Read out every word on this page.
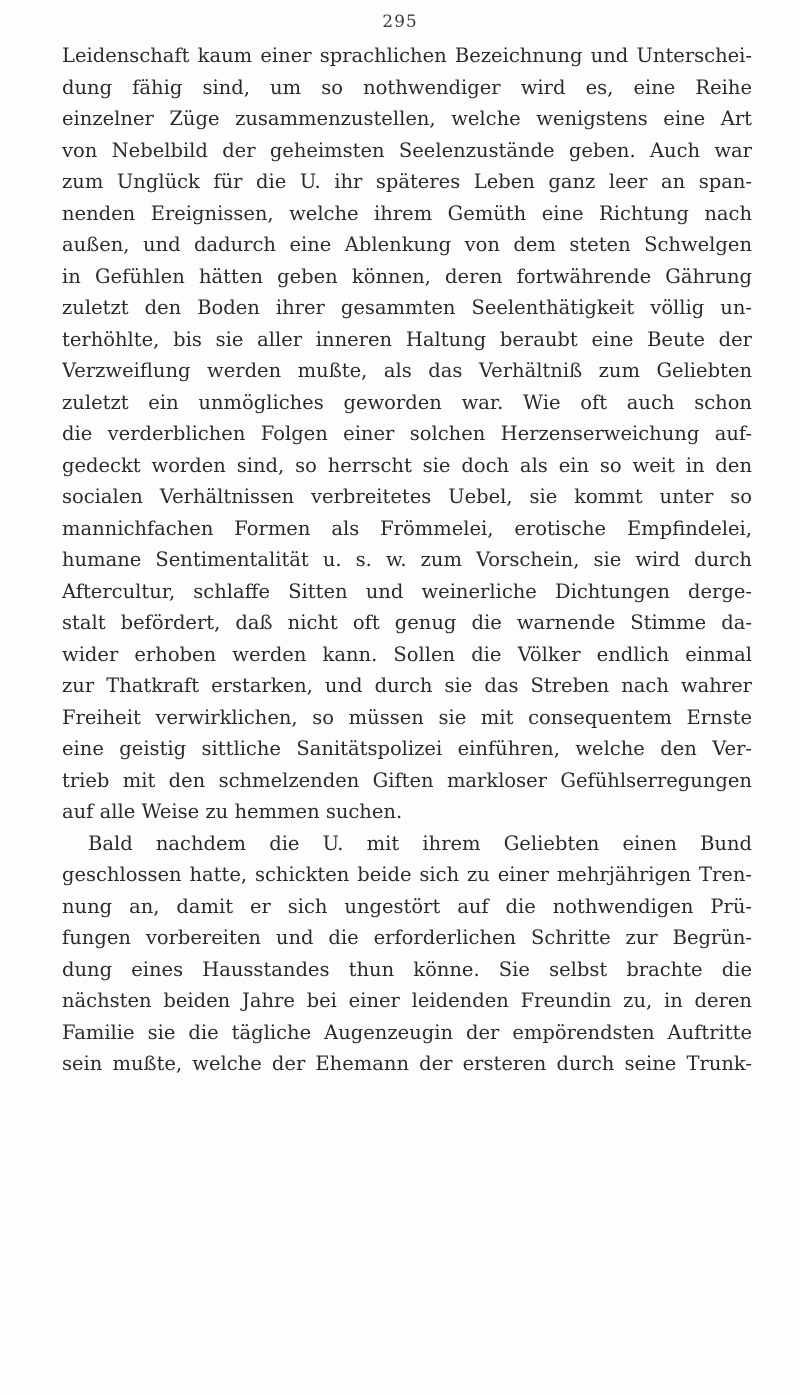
295
Leidenschaft kaum einer sprachlichen Bezeichnung und Unterschei-
dung fähig sind, um so nothwendiger wird es, eine Reihe
einzelner Züge zusammenzustellen, welche wenigstens eine Art
von Nebelbild der geheimsten Seelenzustände geben. Auch war
zum Unglück für die U. ihr späteres Leben ganz leer an span-
nenden Ereignissen, welche ihrem Gemüth eine Richtung nach
außen, und dadurch eine Ablenkung von dem steten Schwelgen
in Gefühlen hätten geben können, deren fortwährende Gährung
zuletzt den Boden ihrer gesammten Seelenthätigkeit völlig un-
terhöhlte, bis sie aller inneren Haltung beraubt eine Beute der
Verzweiflung werden mußte, als das Verhältniß zum Geliebten
zuletzt ein unmögliches geworden war. Wie oft auch schon
die verderblichen Folgen einer solchen Herzenserweichung auf-
gedeckt worden sind, so herrscht sie doch als ein so weit in den
socialen Verhältnissen verbreitetes Uebel, sie kommt unter so
mannichfachen Formen als Frömmelei, erotische Empfindelei,
humane Sentimentalität u. s. w. zum Vorschein, sie wird durch
Aftercultur, schlaffe Sitten und weinerliche Dichtungen derge-
stalt befördert, daß nicht oft genug die warnende Stimme da-
wider erhoben werden kann. Sollen die Völker endlich einmal
zur Thatkraft erstarken, und durch sie das Streben nach wahrer
Freiheit verwirklichen, so müssen sie mit consequentem Ernste
eine geistig sittliche Sanitätspolizei einführen, welche den Ver-
trieb mit den schmelzenden Giften markloser Gefühlserregungen
auf alle Weise zu hemmen suchen.
Bald nachdem die U. mit ihrem Geliebten einen Bund
geschlossen hatte, schickten beide sich zu einer mehrjährigen Tren-
nung an, damit er sich ungestört auf die nothwendigen Prü-
fungen vorbereiten und die erforderlichen Schritte zur Begrün-
dung eines Hausstandes thun könne. Sie selbst brachte die
nächsten beiden Jahre bei einer leidenden Freundin zu, in deren
Familie sie die tägliche Augenzeugin der empörendsten Auftritte
sein mußte, welche der Ehemann der ersteren durch seine Trunk-
